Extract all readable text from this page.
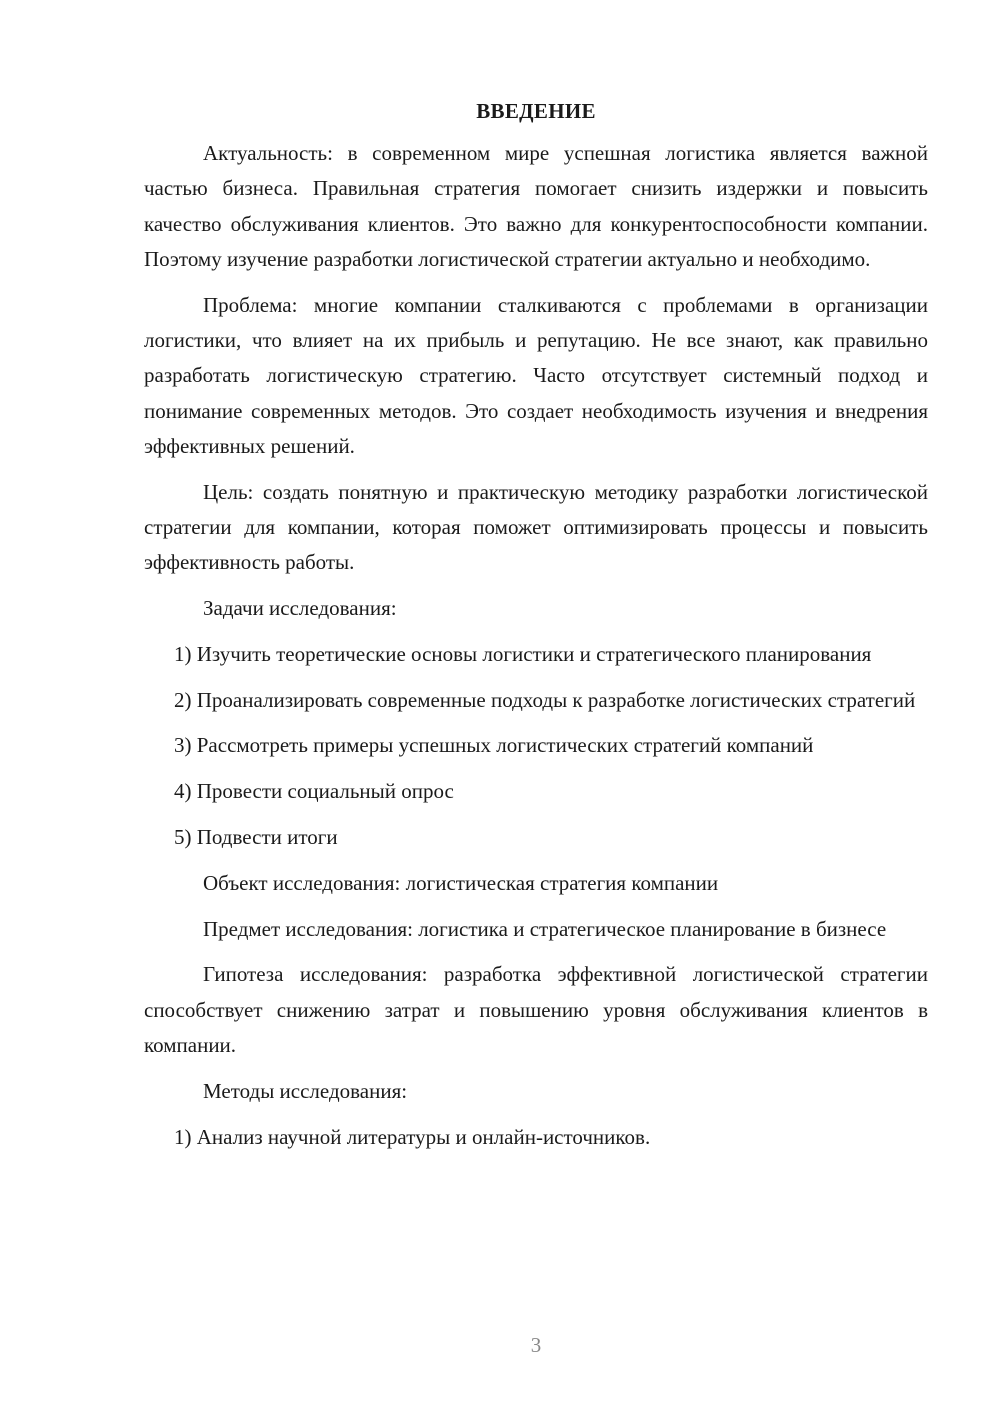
ВВЕДЕНИЕ

Актуальность: в современном мире успешная логистика является важной частью бизнеса. Правильная стратегия помогает снизить издержки и повысить качество обслуживания клиентов. Это важно для конкурентоспособности компании. Поэтому изучение разработки логистической стратегии актуально и необходимо.

Проблема: многие компании сталкиваются с проблемами в организации логистики, что влияет на их прибыль и репутацию. Не все знают, как правильно разработать логистическую стратегию. Часто отсутствует системный подход и понимание современных методов. Это создает необходимость изучения и внедрения эффективных решений.

Цель: создать понятную и практическую методику разработки логистической стратегии для компании, которая поможет оптимизировать процессы и повысить эффективность работы.

Задачи исследования:

1) Изучить теоретические основы логистики и стратегического планирования

2) Проанализировать современные подходы к разработке логистических стратегий

3) Рассмотреть примеры успешных логистических стратегий компаний

4) Провести социальный опрос

5) Подвести итоги

Объект исследования: логистическая стратегия компании

Предмет исследования: логистика и стратегическое планирование в бизнесе

Гипотеза исследования: разработка эффективной логистической стратегии способствует снижению затрат и повышению уровня обслуживания клиентов в компании.

Методы исследования:

1) Анализ научной литературы и онлайн-источников.

3
